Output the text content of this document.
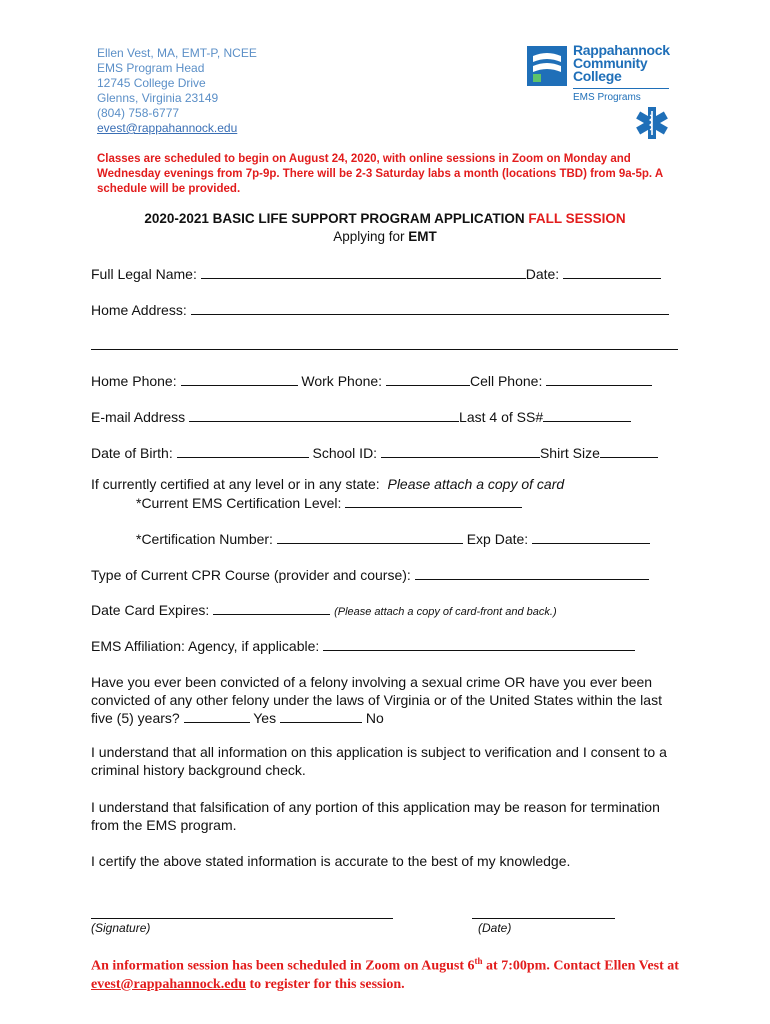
Ellen Vest, MA, EMT-P, NCEE
EMS Program Head
12745 College Drive
Glenns, Virginia 23149
(804) 758-6777
evest@rappahannock.edu
Rappahannock
Community
College
EMS Programs
Classes are scheduled to begin on August 24, 2020, with online sessions in Zoom on Monday and Wednesday evenings from 7p-9p. There will be 2-3 Saturday labs a month (locations TBD) from 9a-5p. A schedule will be provided.
2020-2021 BASIC LIFE SUPPORT PROGRAM APPLICATION FALL SESSION
Applying for EMT
Full Legal Name:	Date:
Home Address:
Home Phone:	Work Phone:	Cell Phone:
E-mail Address	Last 4 of SS#
Date of Birth:	School ID:	Shirt Size
If currently certified at any level or in any state: Please attach a copy of card
*Current EMS Certification Level:
*Certification Number:	Exp Date:
Type of Current CPR Course (provider and course):
Date Card Expires:	(Please attach a copy of card-front and back.)
EMS Affiliation: Agency, if applicable:
Have you ever been convicted of a felony involving a sexual crime OR have you ever been convicted of any other felony under the laws of Virginia or of the United States within the last five (5) years?	Yes	No
I understand that all information on this application is subject to verification and I consent to a criminal history background check.
I understand that falsification of any portion of this application may be reason for termination from the EMS program.
I certify the above stated information is accurate to the best of my knowledge.
(Signature)	(Date)
An information session has been scheduled in Zoom on August 6th at 7:00pm. Contact Ellen Vest at evest@rappahannock.edu to register for this session.
